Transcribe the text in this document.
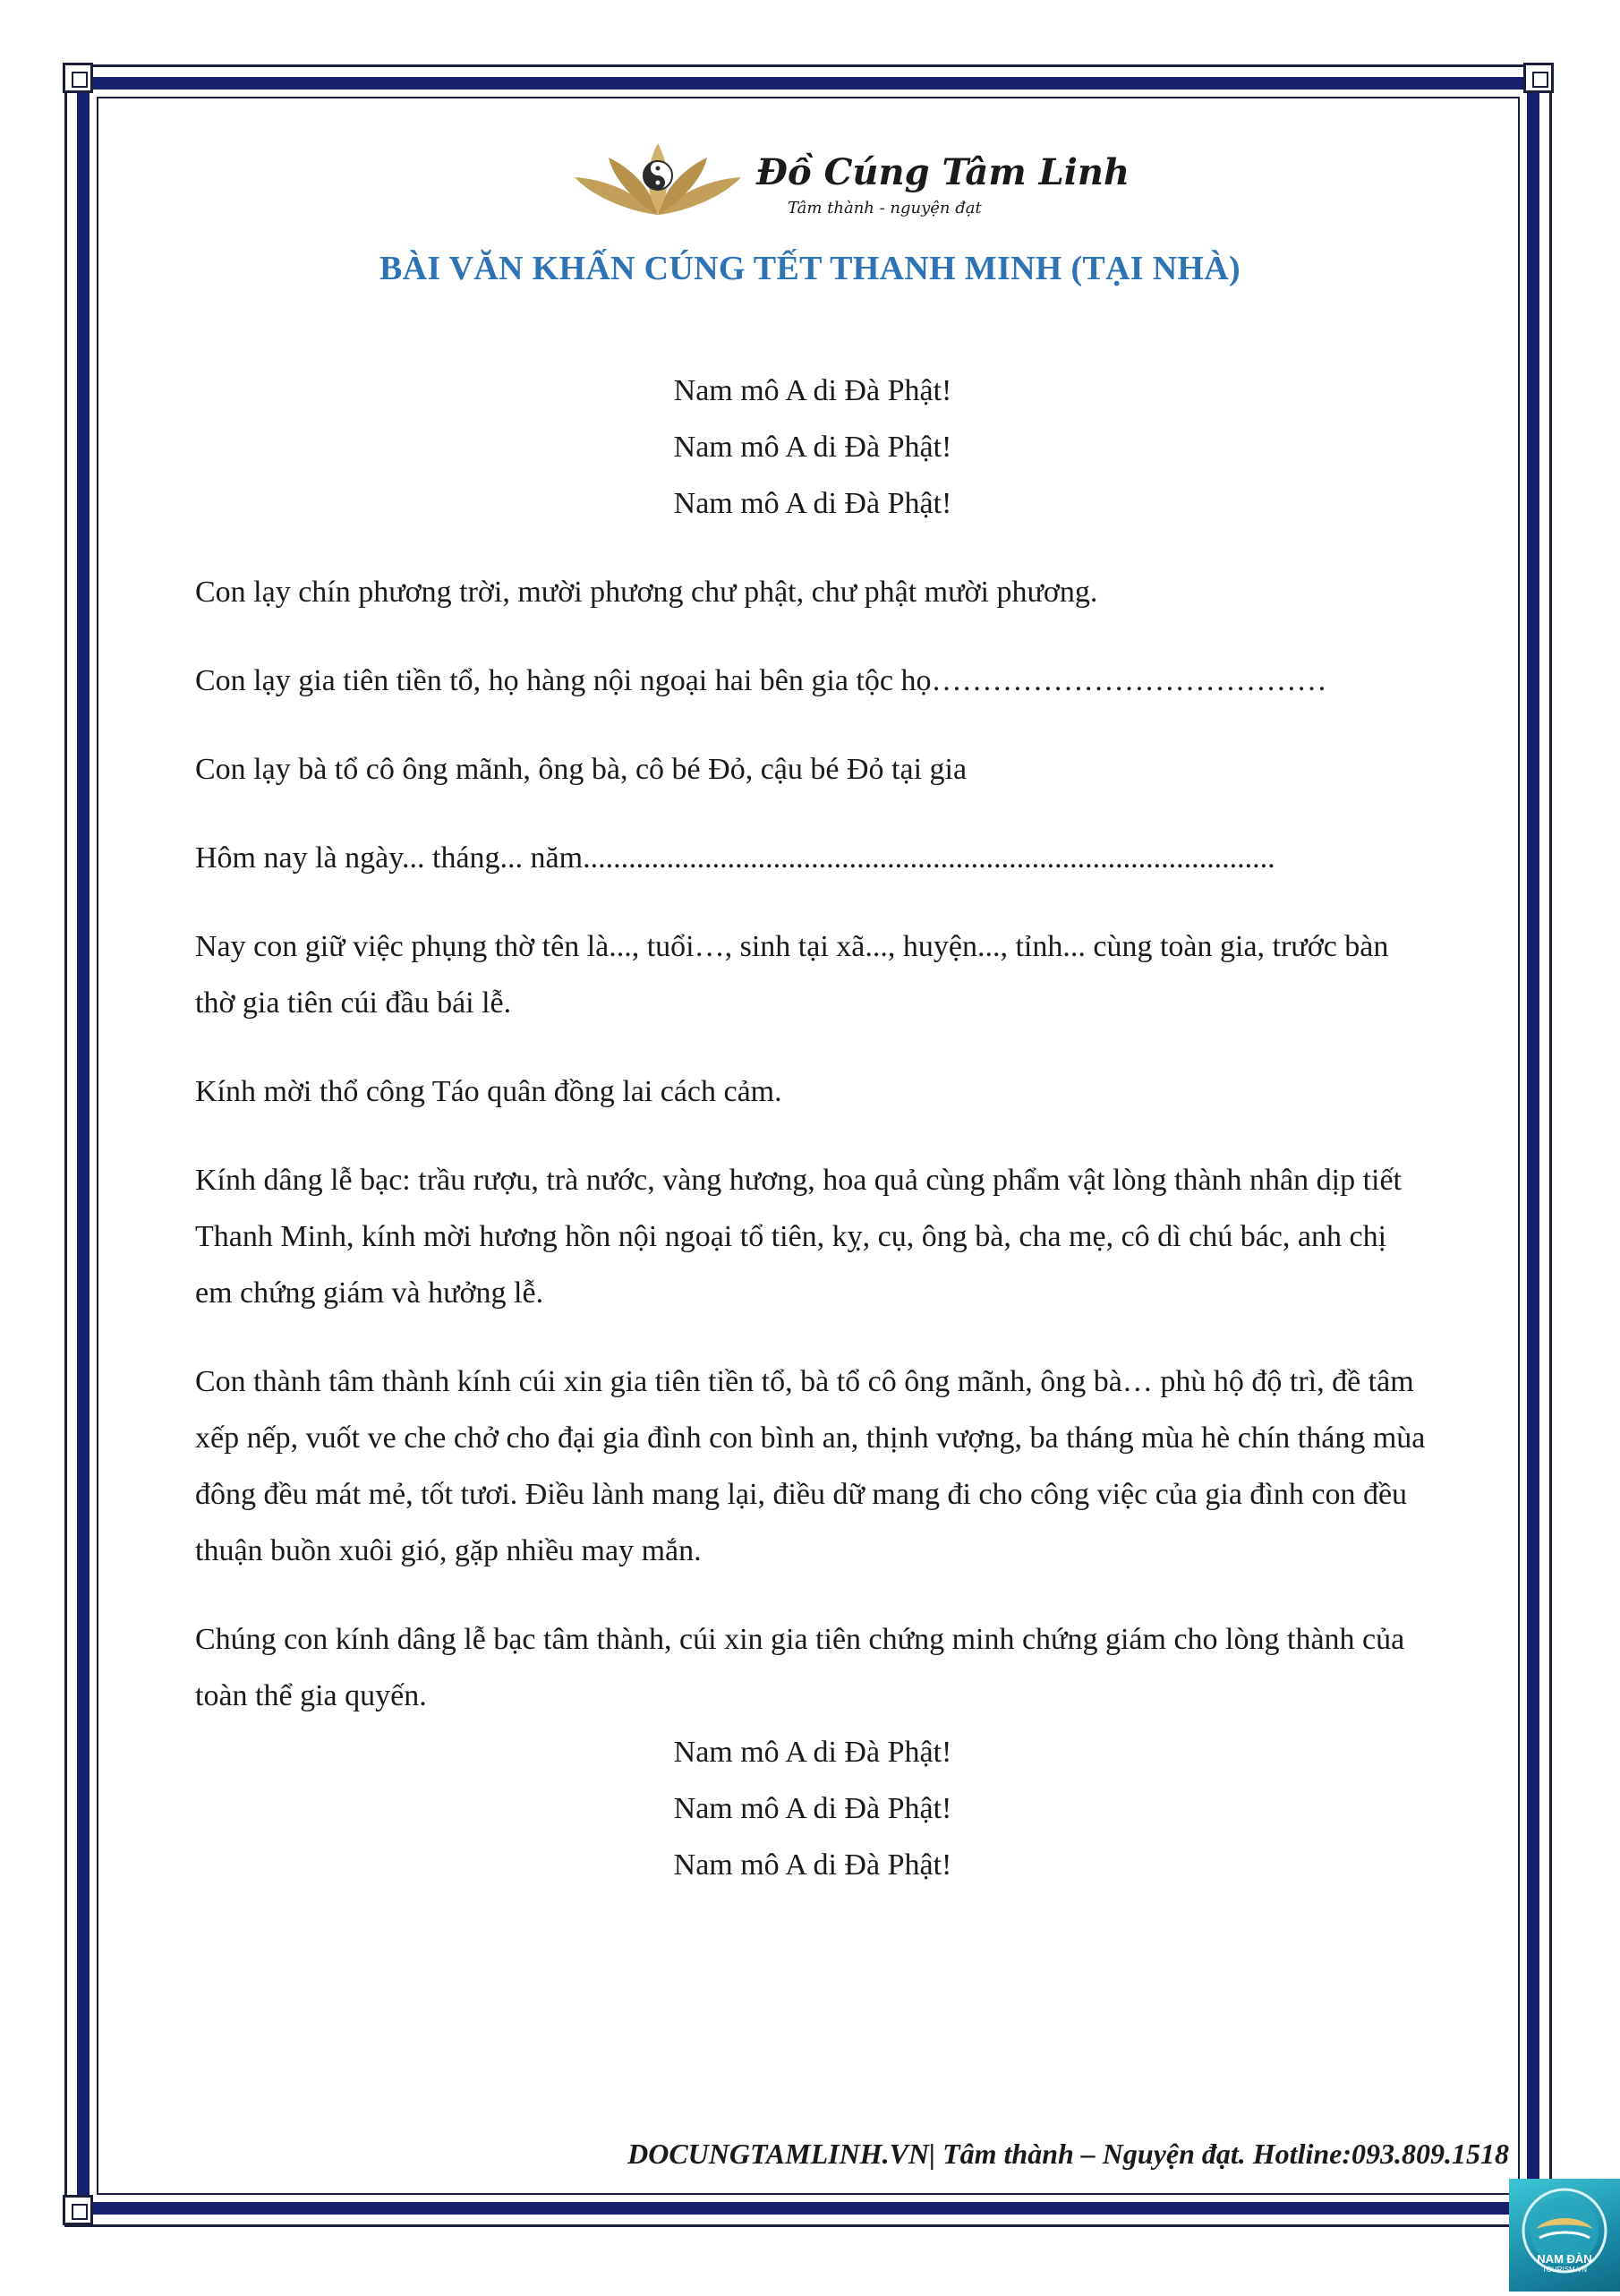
Đồ Cúng Tâm Linh
Tâm thành - nguyện đạt
BÀI VĂN KHẤN CÚNG TẾT THANH MINH (TẠI NHÀ)
Nam mô A di Đà Phật!
Nam mô A di Đà Phật!
Nam mô A di Đà Phật!

Con lạy chín phương trời, mười phương chư phật, chư phật mười phương.

Con lạy gia tiên tiền tổ, họ hàng nội ngoại hai bên gia tộc họ…………………………………

Con lạy bà tổ cô ông mãnh, ông bà, cô bé Đỏ, cậu bé Đỏ tại gia

Hôm nay là ngày... tháng... năm...........................................................................................

Nay con giữ việc phụng thờ tên là..., tuổi…, sinh tại xã..., huyện..., tỉnh... cùng toàn gia, trước bàn thờ gia tiên cúi đầu bái lễ.

Kính mời thổ công Táo quân đồng lai cách cảm.

Kính dâng lễ bạc: trầu rượu, trà nước, vàng hương, hoa quả cùng phẩm vật lòng thành nhân dịp tiết Thanh Minh, kính mời hương hồn nội ngoại tổ tiên, kỵ, cụ, ông bà, cha mẹ, cô dì chú bác, anh chị em chứng giám và hưởng lễ.

Con thành tâm thành kính cúi xin gia tiên tiền tổ, bà tổ cô ông mãnh, ông bà… phù hộ độ trì, đề tâm xếp nếp, vuốt ve che chở cho đại gia đình con bình an, thịnh vượng, ba tháng mùa hè chín tháng mùa đông đều mát mẻ, tốt tươi. Điều lành mang lại, điều dữ mang đi cho công việc của gia đình con đều thuận buồn xuôi gió, gặp nhiều may mắn.

Chúng con kính dâng lễ bạc tâm thành, cúi xin gia tiên chứng minh chứng giám cho lòng thành của toàn thể gia quyến.

Nam mô A di Đà Phật!
Nam mô A di Đà Phật!
Nam mô A di Đà Phật!
DOCUNGTAMLINH.VN| Tâm thành – Nguyện đạt. Hotline:093.809.1518
NAM ĐÀN
TOURISM.VN
